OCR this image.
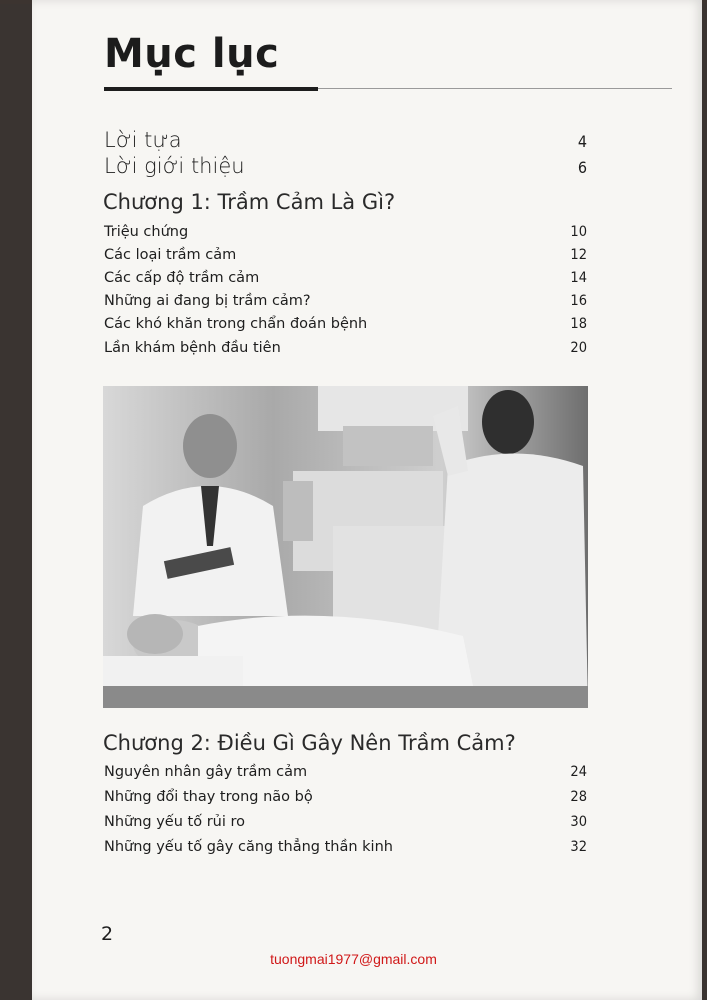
Mục lục
Lời tựa	4
Lời giới thiệu	6
Chương 1: Trầm Cảm Là Gì?
Triệu chứng	10
Các loại trầm cảm	12
Các cấp độ trầm cảm	14
Những ai đang bị trầm cảm?	16
Các khó khăn trong chẩn đoán bệnh	18
Lần khám bệnh đầu tiên	20
Chương 2: Điều Gì Gây Nên Trầm Cảm?
Nguyên nhân gây trầm cảm	24
Những đổi thay trong não bộ	28
Những yếu tố rủi ro	30
Những yếu tố gây căng thẳng thần kinh	32
2
tuongmai1977@gmail.com
